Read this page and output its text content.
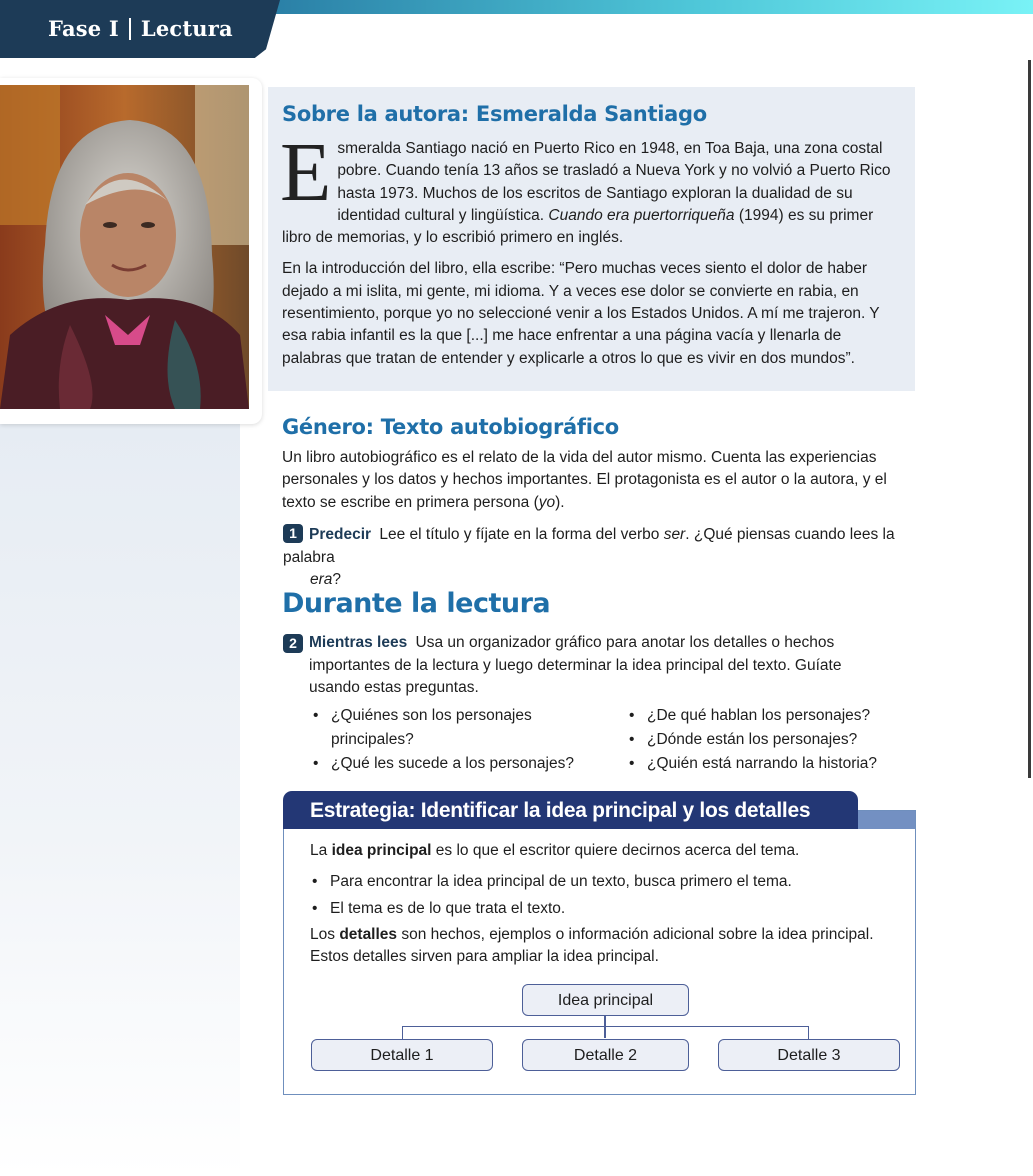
Fase I Lectura
Sobre la autora: Esmeralda Santiago

Esmeralda Santiago nació en Puerto Rico en 1948, en Toa Baja, una zona costal pobre. Cuando tenía 13 años se trasladó a Nueva York y no volvió a Puerto Rico hasta 1973. Muchos de los escritos de Santiago exploran la dualidad de su identidad cultural y lingüística. Cuando era puertorriqueña (1994) es su primer libro de memorias, y lo escribió primero en inglés.

En la introducción del libro, ella escribe: “Pero muchas veces siento el dolor de haber dejado a mi islita, mi gente, mi idioma. Y a veces ese dolor se convierte en rabia, en resentimiento, porque yo no seleccioné venir a los Estados Unidos. A mí me trajeron. Y esa rabia infantil es la que [...] me hace enfrentar a una página vacía y llenarla de palabras que tratan de entender y explicarle a otros lo que es vivir en dos mundos”.

Género: Texto autobiográfico
Un libro autobiográfico es el relato de la vida del autor mismo. Cuenta las experiencias personales y los datos y hechos importantes. El protagonista es el autor o la autora, y el texto se escribe en primera persona (yo).
1 Predecir Lee el título y fíjate en la forma del verbo ser. ¿Qué piensas cuando lees la palabra
era?
Durante la lectura
2 Mientras lees Usa un organizador gráfico para anotar los detalles o hechos importantes de la lectura y luego determinar la idea principal del texto. Guíate usando estas preguntas.
• ¿Quiénes son los personajes principales?
• ¿Qué les sucede a los personajes?
• ¿De qué hablan los personajes?
• ¿Dónde están los personajes?
• ¿Quién está narrando la historia?
Estrategia: Identificar la idea principal y los detalles
La idea principal es lo que el escritor quiere decirnos acerca del tema.
• Para encontrar la idea principal de un texto, busca primero el tema.
• El tema es de lo que trata el texto.
Los detalles son hechos, ejemplos o información adicional sobre la idea principal. Estos detalles sirven para ampliar la idea principal.
Idea principal
Detalle 1	Detalle 2	Detalle 3
